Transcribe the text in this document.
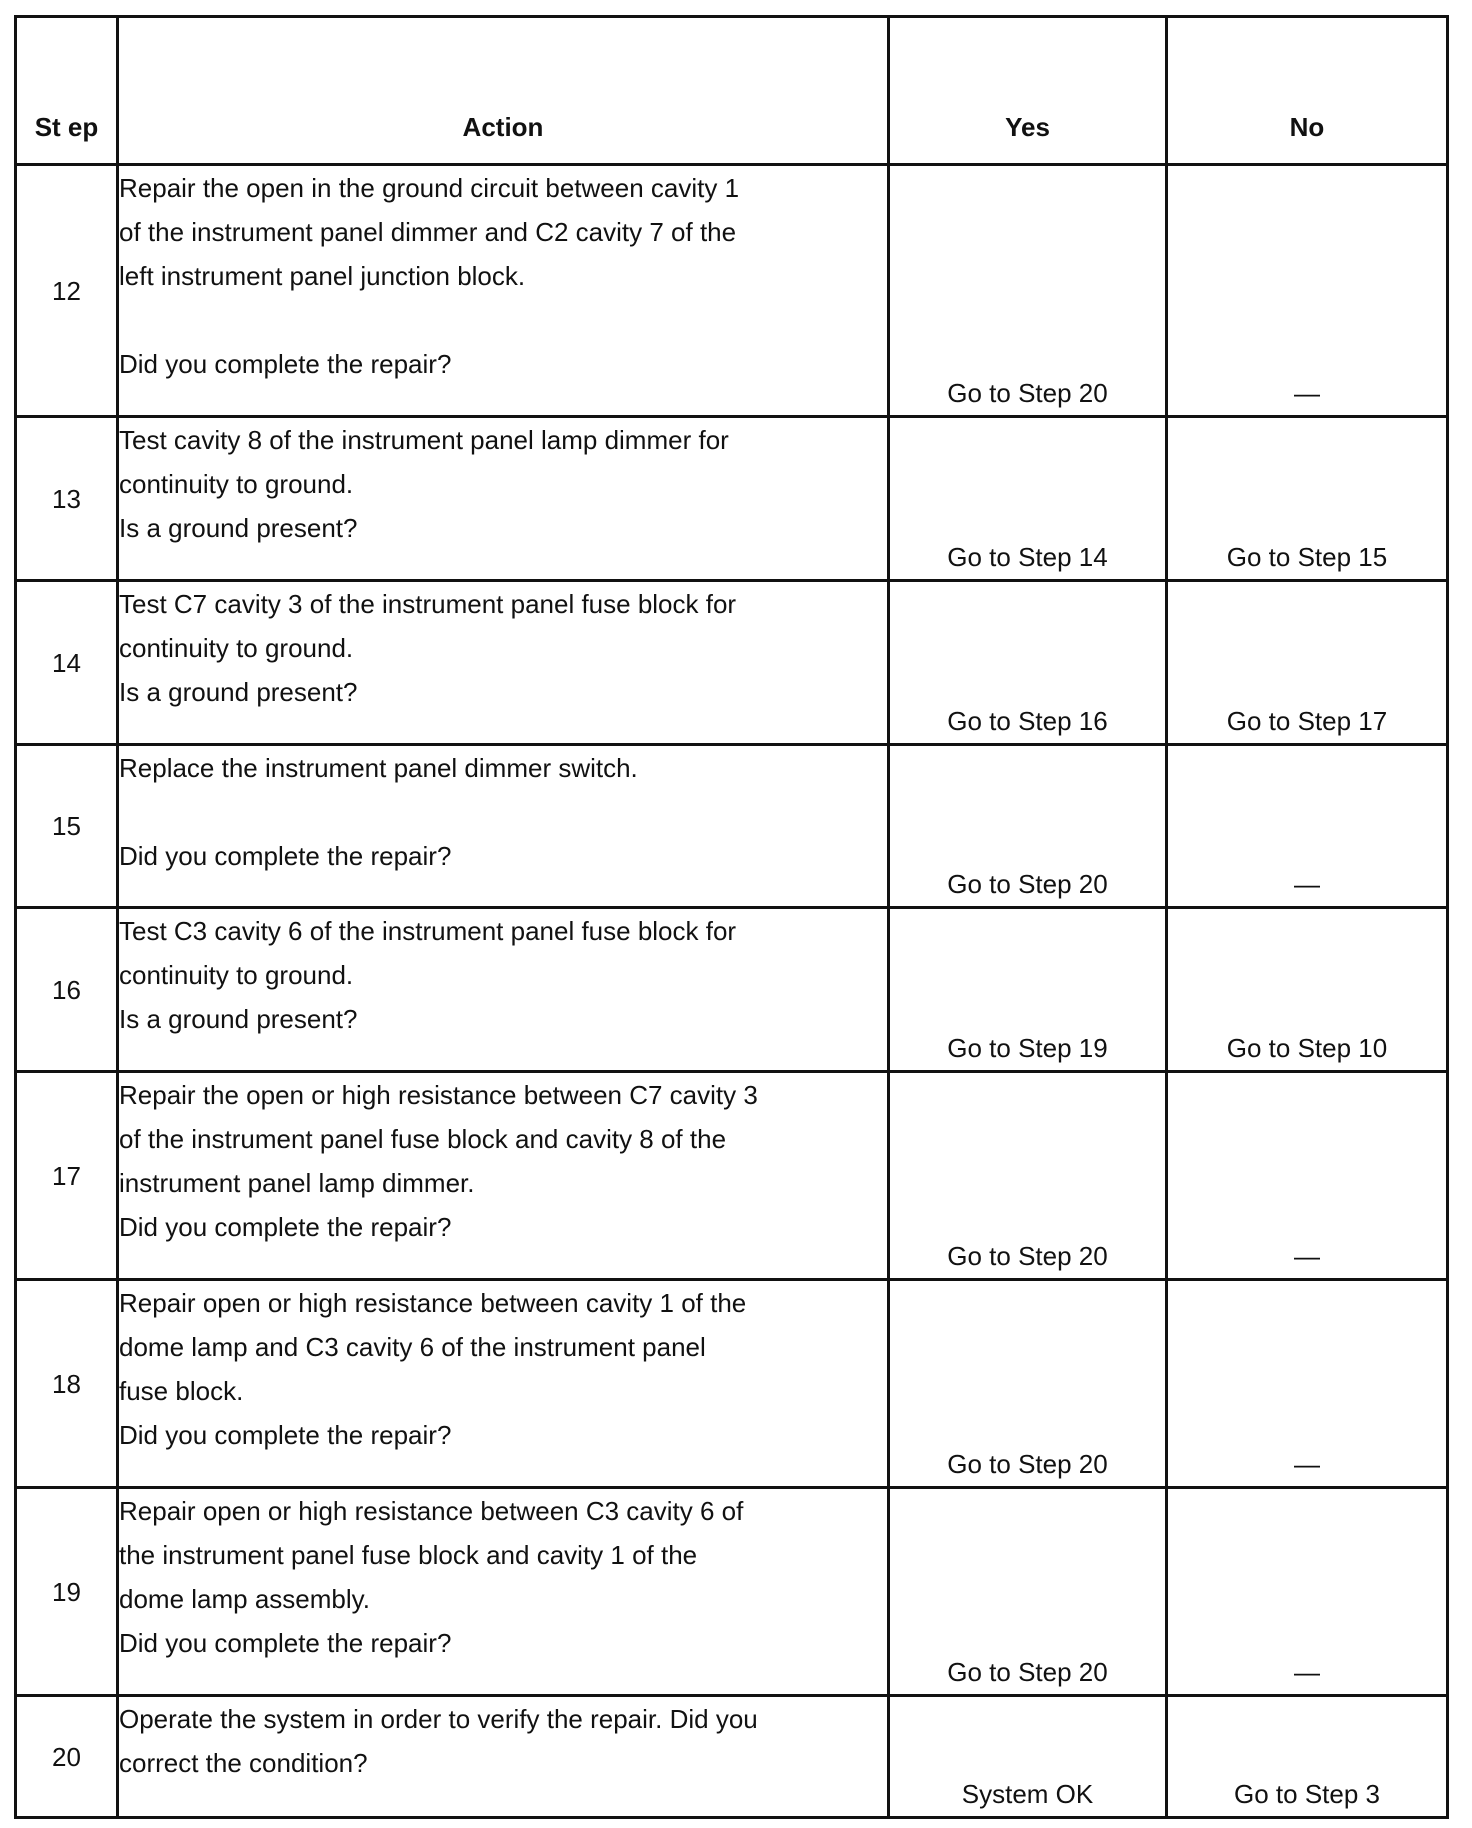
St ep	Action	Yes	No
12	Repair the open in the ground circuit between cavity 1
of the instrument panel dimmer and C2 cavity 7 of the
left instrument panel junction block.
Did you complete the repair?	Go to Step 20	—
13	Test cavity 8 of the instrument panel lamp dimmer for
continuity to ground.
Is a ground present?	Go to Step 14	Go to Step 15
14	Test C7 cavity 3 of the instrument panel fuse block for
continuity to ground.
Is a ground present?	Go to Step 16	Go to Step 17
15	Replace the instrument panel dimmer switch.
Did you complete the repair?	Go to Step 20	—
16	Test C3 cavity 6 of the instrument panel fuse block for
continuity to ground.
Is a ground present?	Go to Step 19	Go to Step 10
17	Repair the open or high resistance between C7 cavity 3
of the instrument panel fuse block and cavity 8 of the
instrument panel lamp dimmer.
Did you complete the repair?	Go to Step 20	—
18	Repair open or high resistance between cavity 1 of the
dome lamp and C3 cavity 6 of the instrument panel
fuse block.
Did you complete the repair?	Go to Step 20	—
19	Repair open or high resistance between C3 cavity 6 of
the instrument panel fuse block and cavity 1 of the
dome lamp assembly.
Did you complete the repair?	Go to Step 20	—
20	Operate the system in order to verify the repair. Did you
correct the condition?	System OK	Go to Step 3
